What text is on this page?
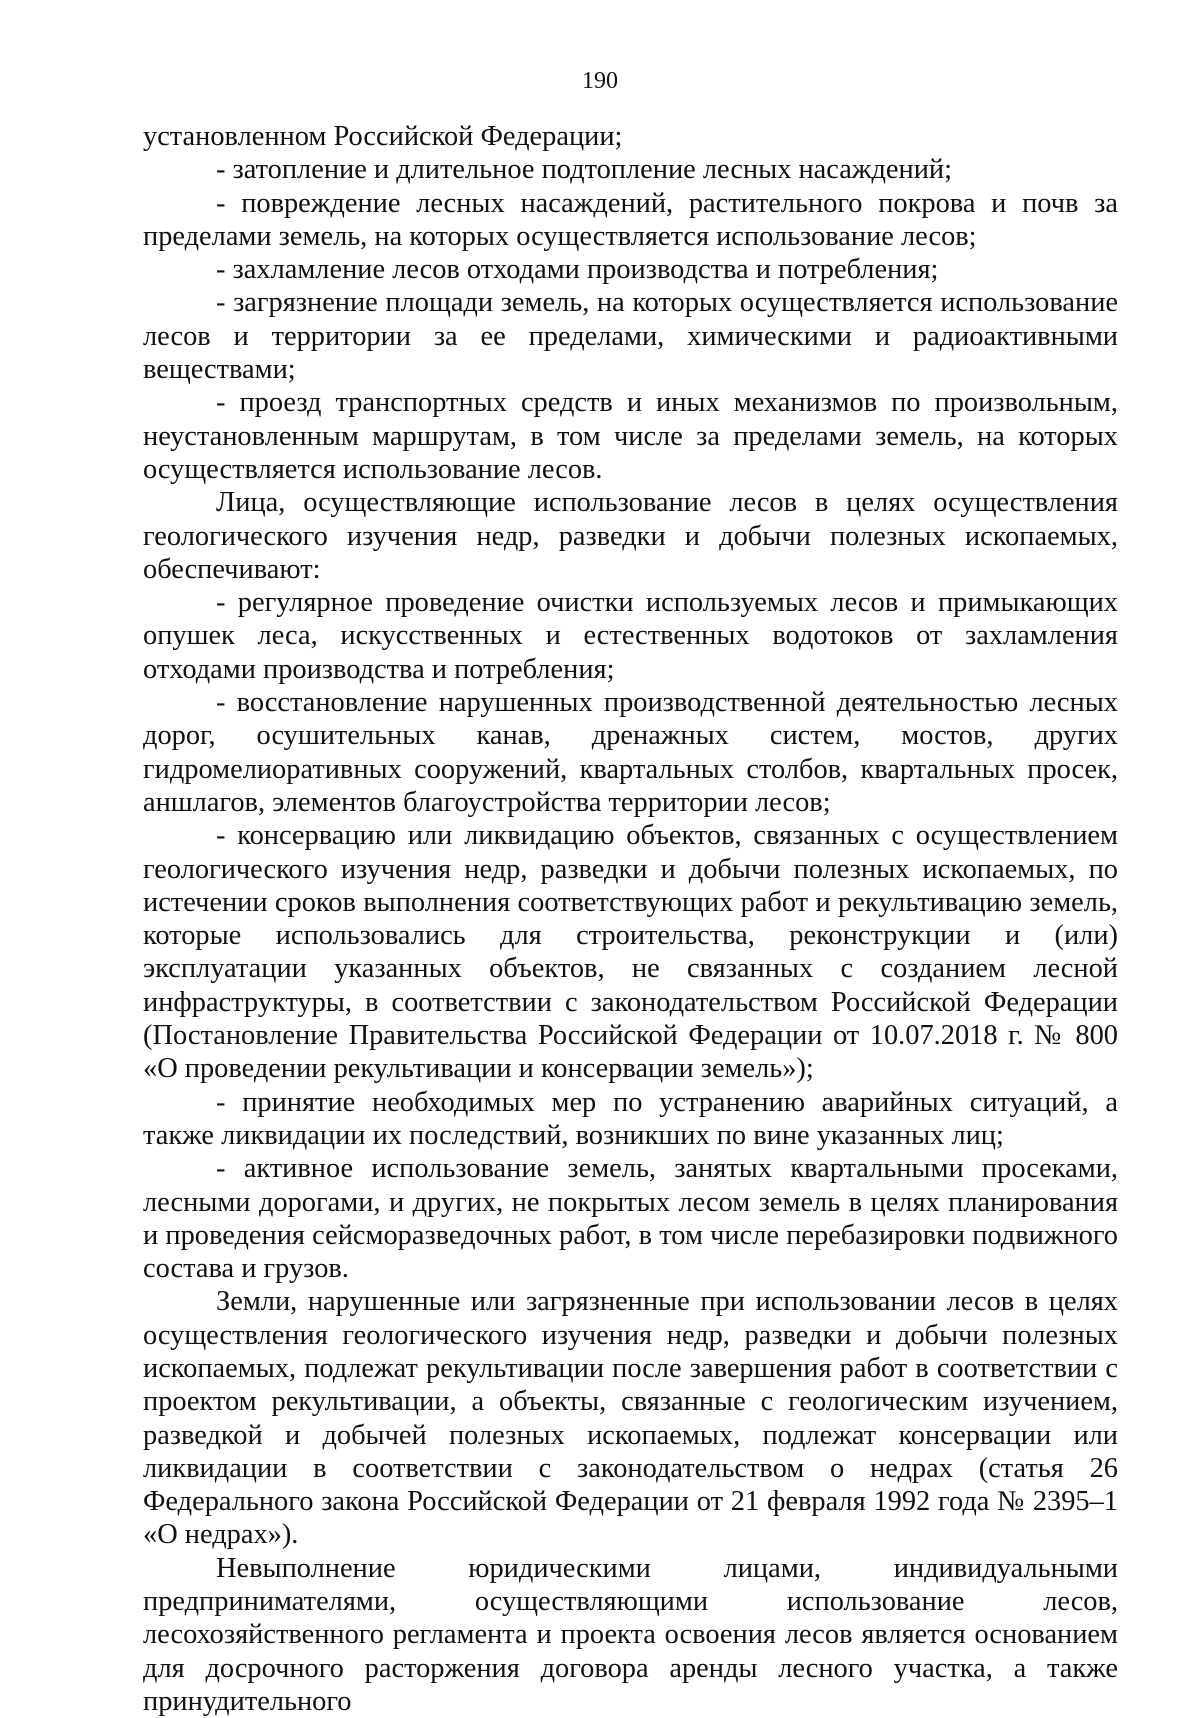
190

установленном Российской Федерации;

- затопление и длительное подтопление лесных насаждений;

- повреждение лесных насаждений, растительного покрова и почв за пределами земель, на которых осуществляется использование лесов;

- захламление лесов отходами производства и потребления;

- загрязнение площади земель, на которых осуществляется использование лесов и территории за ее пределами, химическими и радиоактивными веществами;

- проезд транспортных средств и иных механизмов по произвольным, неустановленным маршрутам, в том числе за пределами земель, на которых осуществляется использование лесов.

Лица, осуществляющие использование лесов в целях осуществления геологического изучения недр, разведки и добычи полезных ископаемых, обеспечивают:

- регулярное проведение очистки используемых лесов и примыкающих опушек леса, искусственных и естественных водотоков от захламления отходами производства и потребления;

- восстановление нарушенных производственной деятельностью лесных дорог, осушительных канав, дренажных систем, мостов, других гидромелиоративных сооружений, квартальных столбов, квартальных просек, аншлагов, элементов благоустройства территории лесов;

- консервацию или ликвидацию объектов, связанных с осуществлением геологического изучения недр, разведки и добычи полезных ископаемых, по истечении сроков выполнения соответствующих работ и рекультивацию земель, которые использовались для строительства, реконструкции и (или) эксплуатации указанных объектов, не связанных с созданием лесной инфраструктуры, в соответствии с законодательством Российской Федерации (Постановление Правительства Российской Федерации от 10.07.2018 г. № 800 «О проведении рекультивации и консервации земель»);

- принятие необходимых мер по устранению аварийных ситуаций, а также ликвидации их последствий, возникших по вине указанных лиц;

- активное использование земель, занятых квартальными просеками, лесными дорогами, и других, не покрытых лесом земель в целях планирования и проведения сейсморазведочных работ, в том числе перебазировки подвижного состава и грузов.

Земли, нарушенные или загрязненные при использовании лесов в целях осуществления геологического изучения недр, разведки и добычи полезных ископаемых, подлежат рекультивации после завершения работ в соответствии с проектом рекультивации, а объекты, связанные с геологическим изучением, разведкой и добычей полезных ископаемых, подлежат консервации или ликвидации в соответствии с законодательством о недрах (статья 26 Федерального закона Российской Федерации от 21 февраля 1992 года № 2395–1 «О недрах»).

Невыполнение юридическими лицами, индивидуальными предпринимателями, осуществляющими использование лесов, лесохозяйственного регламента и проекта освоения лесов является основанием для досрочного расторжения договора аренды лесного участка, а также принудительного
